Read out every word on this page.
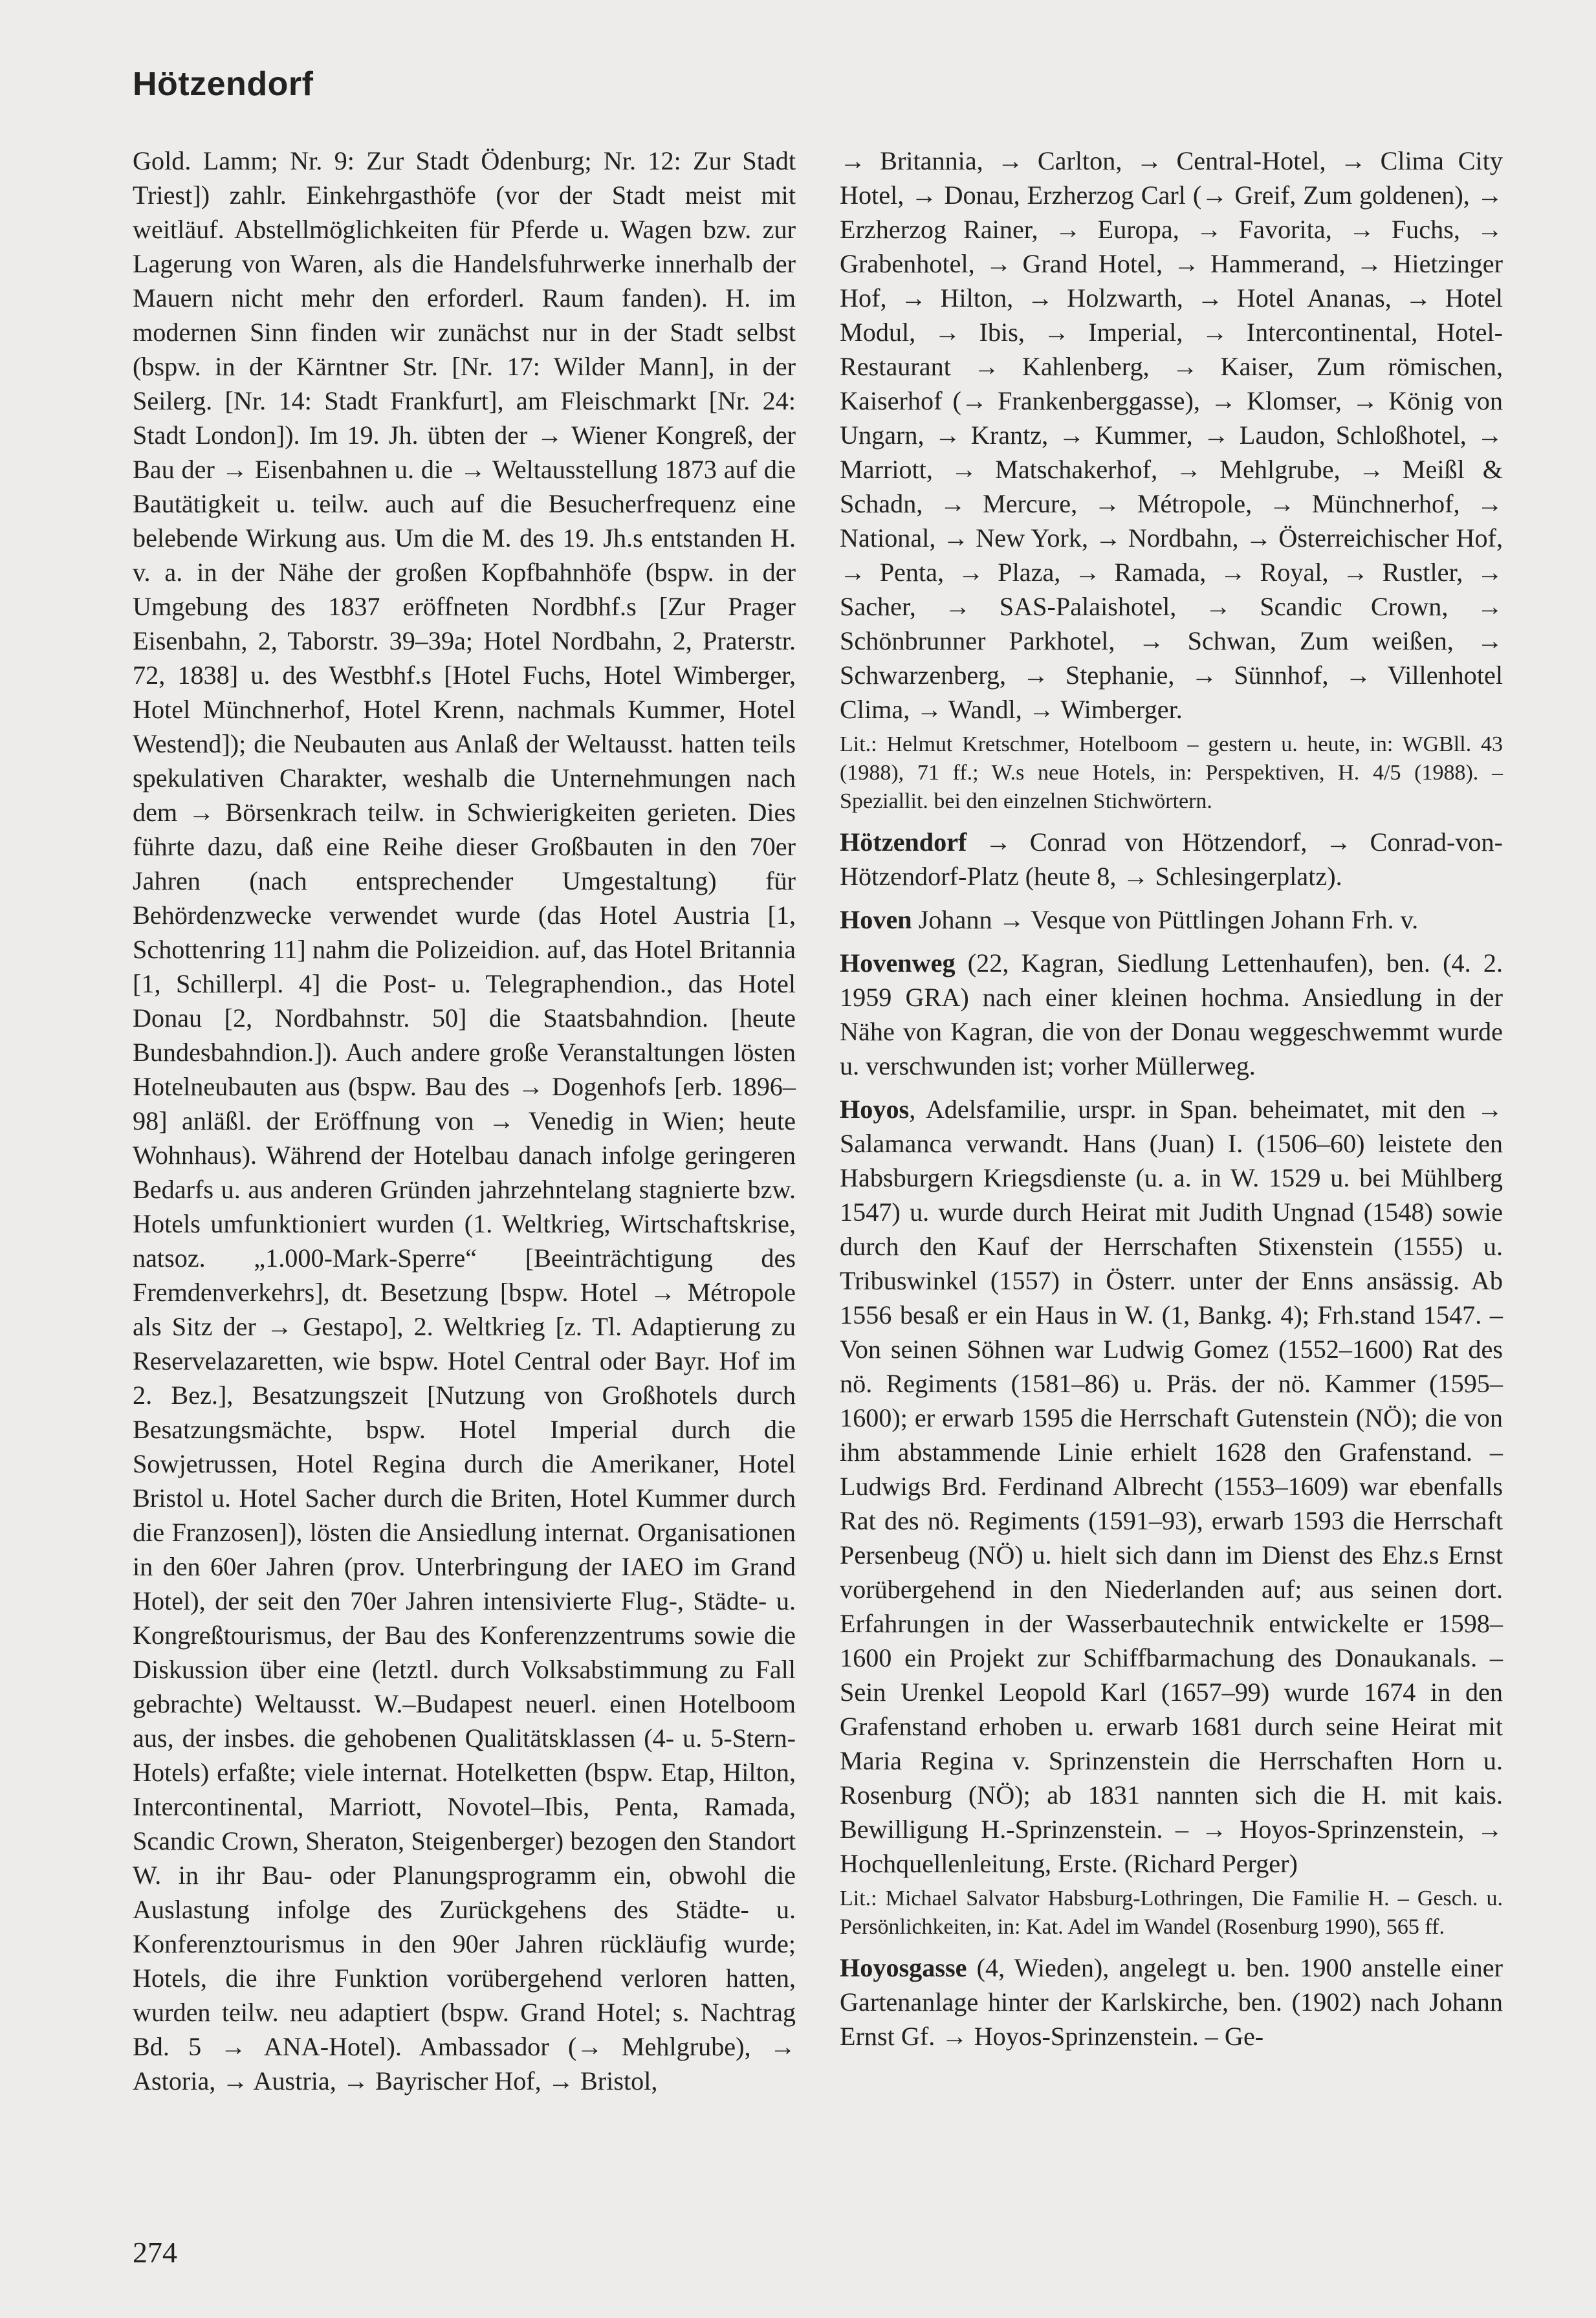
Hötzendorf

Gold. Lamm; Nr. 9: Zur Stadt Ödenburg; Nr. 12: Zur Stadt Triest]) zahlr. Einkehrgasthöfe (vor der Stadt meist mit weitläuf. Abstellmöglichkeiten für Pferde u. Wagen bzw. zur Lagerung von Waren, als die Handelsfuhrwerke innerhalb der Mauern nicht mehr den erforderl. Raum fanden). H. im modernen Sinn finden wir zunächst nur in der Stadt selbst (bspw. in der Kärntner Str. [Nr. 17: Wilder Mann], in der Seilerg. [Nr. 14: Stadt Frankfurt], am Fleischmarkt [Nr. 24: Stadt London]). Im 19. Jh. übten der → Wiener Kongreß, der Bau der → Eisenbahnen u. die → Weltausstellung 1873 auf die Bautätigkeit u. teilw. auch auf die Besucherfrequenz eine belebende Wirkung aus. Um die M. des 19. Jh.s entstanden H. v. a. in der Nähe der großen Kopfbahnhöfe (bspw. in der Umgebung des 1837 eröffneten Nordbhf.s [Zur Prager Eisenbahn, 2, Taborstr. 39–39a; Hotel Nordbahn, 2, Praterstr. 72, 1838] u. des Westbhf.s [Hotel Fuchs, Hotel Wimberger, Hotel Münchnerhof, Hotel Krenn, nachmals Kummer, Hotel Westend]); die Neubauten aus Anlaß der Weltausst. hatten teils spekulativen Charakter, weshalb die Unternehmungen nach dem → Börsenkrach teilw. in Schwierigkeiten gerieten. Dies führte dazu, daß eine Reihe dieser Großbauten in den 70er Jahren (nach entsprechender Umgestaltung) für Behördenzwecke verwendet wurde (das Hotel Austria [1, Schottenring 11] nahm die Polizeidion. auf, das Hotel Britannia [1, Schillerpl. 4] die Post- u. Telegraphendion., das Hotel Donau [2, Nordbahnstr. 50] die Staatsbahndion. [heute Bundesbahndion.]). Auch andere große Veranstaltungen lösten Hotelneubauten aus (bspw. Bau des → Dogenhofs [erb. 1896–98] anläßl. der Eröffnung von → Venedig in Wien; heute Wohnhaus). Während der Hotelbau danach infolge geringeren Bedarfs u. aus anderen Gründen jahrzehntelang stagnierte bzw. Hotels umfunktioniert wurden (1. Weltkrieg, Wirtschaftskrise, natsoz. „1.000-Mark-Sperre“ [Beeinträchtigung des Fremdenverkehrs], dt. Besetzung [bspw. Hotel → Métropole als Sitz der → Gestapo], 2. Weltkrieg [z. Tl. Adaptierung zu Reservelazaretten, wie bspw. Hotel Central oder Bayr. Hof im 2. Bez.], Besatzungszeit [Nutzung von Großhotels durch Besatzungsmächte, bspw. Hotel Imperial durch die Sowjetrussen, Hotel Regina durch die Amerikaner, Hotel Bristol u. Hotel Sacher durch die Briten, Hotel Kummer durch die Franzosen]), lösten die Ansiedlung internat. Organisationen in den 60er Jahren (prov. Unterbringung der IAEO im Grand Hotel), der seit den 70er Jahren intensivierte Flug-, Städte- u. Kongreßtourismus, der Bau des Konferenzzentrums sowie die Diskussion über eine (letztl. durch Volksabstimmung zu Fall gebrachte) Weltausst. W.–Budapest neuerl. einen Hotelboom aus, der insbes. die gehobenen Qualitätsklassen (4- u. 5-Stern-Hotels) erfaßte; viele internat. Hotelketten (bspw. Etap, Hilton, Intercontinental, Marriott, Novotel–Ibis, Penta, Ramada, Scandic Crown, Sheraton, Steigenberger) bezogen den Standort W. in ihr Bau- oder Planungsprogramm ein, obwohl die Auslastung infolge des Zurückgehens des Städte- u. Konferenztourismus in den 90er Jahren rückläufig wurde; Hotels, die ihre Funktion vorübergehend verloren hatten, wurden teilw. neu adaptiert (bspw. Grand Hotel; s. Nachtrag Bd. 5 → ANA-Hotel). Ambassador (→ Mehlgrube), → Astoria, → Austria, → Bayrischer Hof, → Bristol,

→ Britannia, → Carlton, → Central-Hotel, → Clima City Hotel, → Donau, Erzherzog Carl (→ Greif, Zum goldenen), → Erzherzog Rainer, → Europa, → Favorita, → Fuchs, → Grabenhotel, → Grand Hotel, → Hammerand, → Hietzinger Hof, → Hilton, → Holzwarth, → Hotel Ananas, → Hotel Modul, → Ibis, → Imperial, → Intercontinental, Hotel-Restaurant → Kahlenberg, → Kaiser, Zum römischen, Kaiserhof (→ Frankenberggasse), → Klomser, → König von Ungarn, → Krantz, → Kummer, → Laudon, Schloßhotel, → Marriott, → Matschakerhof, → Mehlgrube, → Meißl & Schadn, → Mercure, → Métropole, → Münchnerhof, → National, → New York, → Nordbahn, → Österreichischer Hof, → Penta, → Plaza, → Ramada, → Royal, → Rustler, → Sacher, → SAS-Palaishotel, → Scandic Crown, → Schönbrunner Parkhotel, → Schwan, Zum weißen, → Schwarzenberg, → Stephanie, → Sünnhof, → Villenhotel Clima, → Wandl, → Wimberger.

Lit.: Helmut Kretschmer, Hotelboom – gestern u. heute, in: WGBll. 43 (1988), 71 ff.; W.s neue Hotels, in: Perspektiven, H. 4/5 (1988). – Speziallit. bei den einzelnen Stichwörtern.

Hötzendorf → Conrad von Hötzendorf, → Conrad-von-Hötzendorf-Platz (heute 8, → Schlesingerplatz).

Hoven Johann → Vesque von Püttlingen Johann Frh. v.

Hovenweg (22, Kagran, Siedlung Lettenhaufen), ben. (4. 2. 1959 GRA) nach einer kleinen hochma. Ansiedlung in der Nähe von Kagran, die von der Donau weggeschwemmt wurde u. verschwunden ist; vorher Müllerweg.

Hoyos, Adelsfamilie, urspr. in Span. beheimatet, mit den → Salamanca verwandt. Hans (Juan) I. (1506–60) leistete den Habsburgern Kriegsdienste (u. a. in W. 1529 u. bei Mühlberg 1547) u. wurde durch Heirat mit Judith Ungnad (1548) sowie durch den Kauf der Herrschaften Stixenstein (1555) u. Tribuswinkel (1557) in Österr. unter der Enns ansässig. Ab 1556 besaß er ein Haus in W. (1, Bankg. 4); Frh.stand 1547. – Von seinen Söhnen war Ludwig Gomez (1552–1600) Rat des nö. Regiments (1581–86) u. Präs. der nö. Kammer (1595–1600); er erwarb 1595 die Herrschaft Gutenstein (NÖ); die von ihm abstammende Linie erhielt 1628 den Grafenstand. – Ludwigs Brd. Ferdinand Albrecht (1553–1609) war ebenfalls Rat des nö. Regiments (1591–93), erwarb 1593 die Herrschaft Persenbeug (NÖ) u. hielt sich dann im Dienst des Ehz.s Ernst vorübergehend in den Niederlanden auf; aus seinen dort. Erfahrungen in der Wasserbautechnik entwickelte er 1598–1600 ein Projekt zur Schiffbarmachung des Donaukanals. – Sein Urenkel Leopold Karl (1657–99) wurde 1674 in den Grafenstand erhoben u. erwarb 1681 durch seine Heirat mit Maria Regina v. Sprinzenstein die Herrschaften Horn u. Rosenburg (NÖ); ab 1831 nannten sich die H. mit kais. Bewilligung H.-Sprinzenstein. – → Hoyos-Sprinzenstein, → Hochquellenleitung, Erste. (Richard Perger)

Lit.: Michael Salvator Habsburg-Lothringen, Die Familie H. – Gesch. u. Persönlichkeiten, in: Kat. Adel im Wandel (Rosenburg 1990), 565 ff.

Hoyosgasse (4, Wieden), angelegt u. ben. 1900 anstelle einer Gartenanlage hinter der Karlskirche, ben. (1902) nach Johann Ernst Gf. → Hoyos-Sprinzenstein. – Ge-

274
